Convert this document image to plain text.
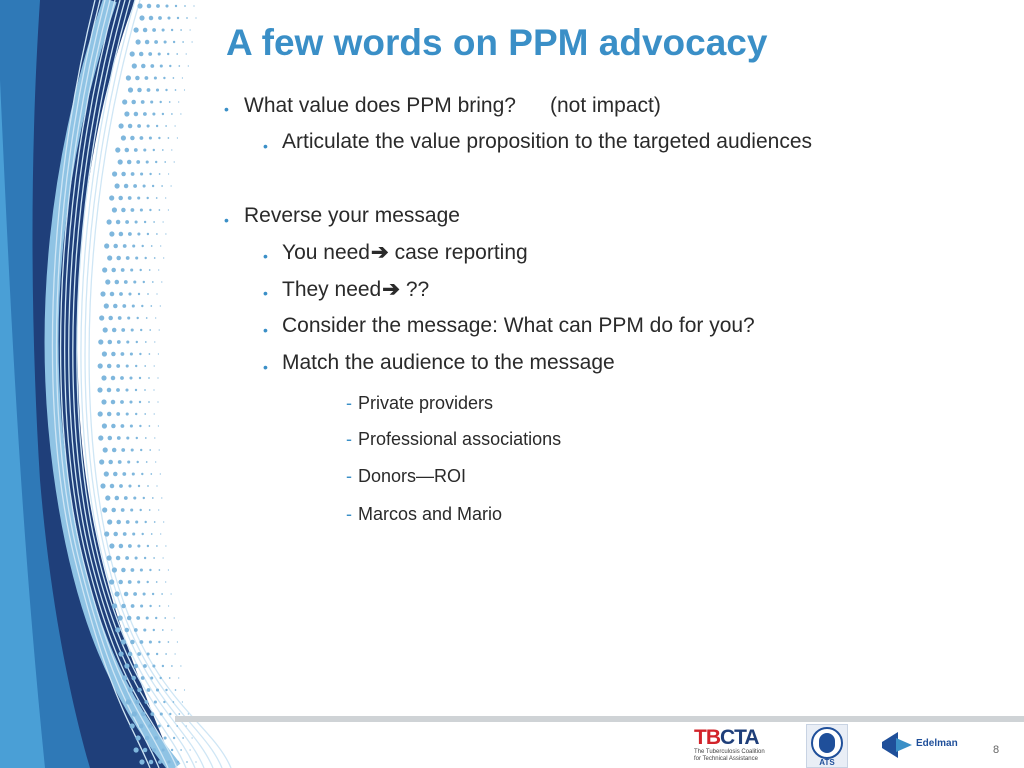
A few words on PPM advocacy
• What value does PPM bring? (not impact)
• Articulate the value proposition to the targeted audiences
• Reverse your message
• You need➔ case reporting
• They need➔ ??
• Consider the message: What can PPM do for you?
• Match the audience to the message
- Private providers
- Professional associations
- Donors—ROI
- Marcos and Mario
TBCTA
The Tuberculosis Coalition
for Technical Assistance	ATS
Edelman
8
